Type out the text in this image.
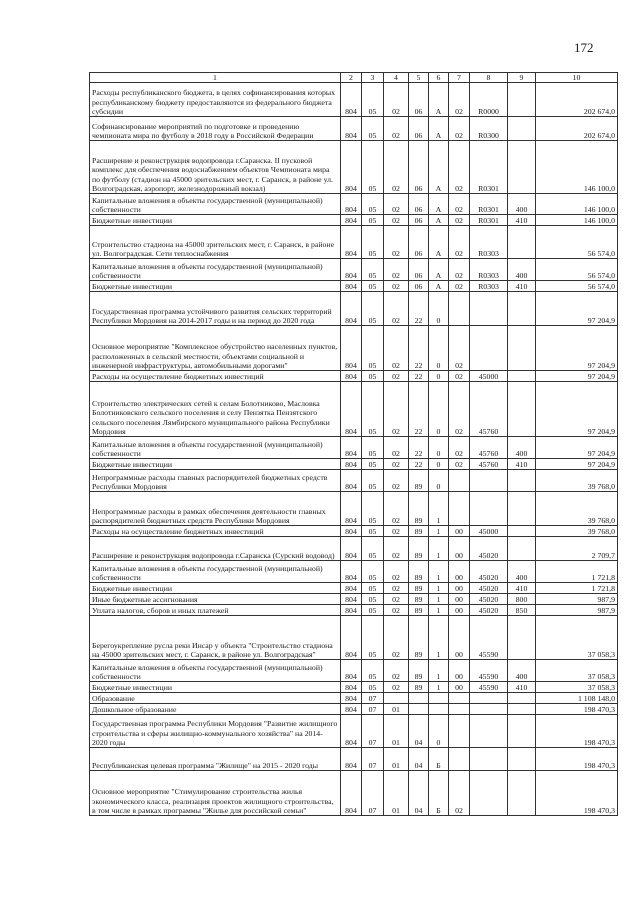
172
1	2	3	4	5	6	7	8	9	10
Расходы республиканского бюджета, в целях софинансирования которых республиканскому бюджету предоставляются из федерального бюджета субсидии	804	05	02	06	А	02	R0000		202 674,0
Софинансирование мероприятий по подготовке и проведению чемпионата мира по футболу в 2018 году в Российской Федерации	804	05	02	06	А	02	R0300		202 674,0
Расширение и реконструкция водопровода г.Саранска. II пусковой комплекс для обеспечения водоснабжением объектов Чемпионата мира по футболу (стадион на 45000 зрительских мест, г. Саранск, в районе ул. Волгоградская, аэропорт, железнодорожный вокзал)	804	05	02	06	А	02	R0301		146 100,0
Капитальные вложения в объекты государственной (муниципальной) собственности	804	05	02	06	А	02	R0301	400	146 100,0
Бюджетные инвестиции	804	05	02	06	А	02	R0301	410	146 100,0
Строительство стадиона на 45000 зрительских мест, г. Саранск, в районе ул. Волгоградская. Сети теплоснабжения	804	05	02	06	А	02	R0303		56 574,0
Капитальные вложения в объекты государственной (муниципальной) собственности	804	05	02	06	А	02	R0303	400	56 574,0
Бюджетные инвестиции	804	05	02	06	А	02	R0303	410	56 574,0
Государственная программа устойчивого развития сельских территорий Республики Мордовия на 2014-2017 годы и на период до 2020 года	804	05	02	22	0				97 204,9
Основное мероприятие "Комплексное обустройство населенных пунктов, расположенных в сельской местности, объектами социальной и инженерной инфраструктуры, автомобильными дорогами"	804	05	02	22	0	02			97 204,9
Расходы на осуществление бюджетных инвестиций	804	05	02	22	0	02	45000		97 204,9
Строительство электрических сетей к селам Болотниково, Масловка Болотниковского сельского поселения и селу Пензятка Пензятского сельского поселения Лямбирского муниципального района Республики Мордовия	804	05	02	22	0	02	45760		97 204,9
Капитальные вложения в объекты государственной (муниципальной) собственности	804	05	02	22	0	02	45760	400	97 204,9
Бюджетные инвестиции	804	05	02	22	0	02	45760	410	97 204,9
Непрограммные расходы главных распорядителей бюджетных средств Республики Мордовия	804	05	02	89	0				39 768,0
Непрограммные расходы в рамках обеспечения деятельности главных распорядителей бюджетных средств Республики Мордовия	804	05	02	89	1				39 768,0
Расходы на осуществление бюджетных инвестиций	804	05	02	89	1	00	45000		39 768,0
Расширение и реконструкция водопровода г.Саранска (Сурский водовод)	804	05	02	89	1	00	45020		2 709,7
Капитальные вложения в объекты государственной (муниципальной) собственности	804	05	02	89	1	00	45020	400	1 721,8
Бюджетные инвестиции	804	05	02	89	1	00	45020	410	1 721,8
Иные бюджетные ассигнования	804	05	02	89	1	00	45020	800	987,9
Уплата налогов, сборов и иных платежей	804	05	02	89	1	00	45020	850	987,9
Берегоукрепление русла реки Инсар у объекта "Строительство стадиона на 45000 зрительских мест, г. Саранск, в районе ул. Волгоградская"	804	05	02	89	1	00	45590		37 058,3
Капитальные вложения в объекты государственной (муниципальной) собственности	804	05	02	89	1	00	45590	400	37 058,3
Бюджетные инвестиции	804	05	02	89	1	00	45590	410	37 058,3
Образование	804	07							1 108 148,0
Дошкольное образование	804	07	01						198 470,3
Государственная программа Республики Мордовия "Развитие жилищного строительства и сферы жилищно-коммунального хозяйства" на 2014-2020 годы	804	07	01	04	0				198 470,3
Республиканская целевая программа "Жилище" на 2015 - 2020 годы	804	07	01	04	Б				198 470,3
Основное мероприятие "Стимулирование строительства жилья экономического класса, реализация проектов жилищного строительства, в том числе в рамках программы "Жилье для российской семьи"	804	07	01	04	Б	02			198 470,3
